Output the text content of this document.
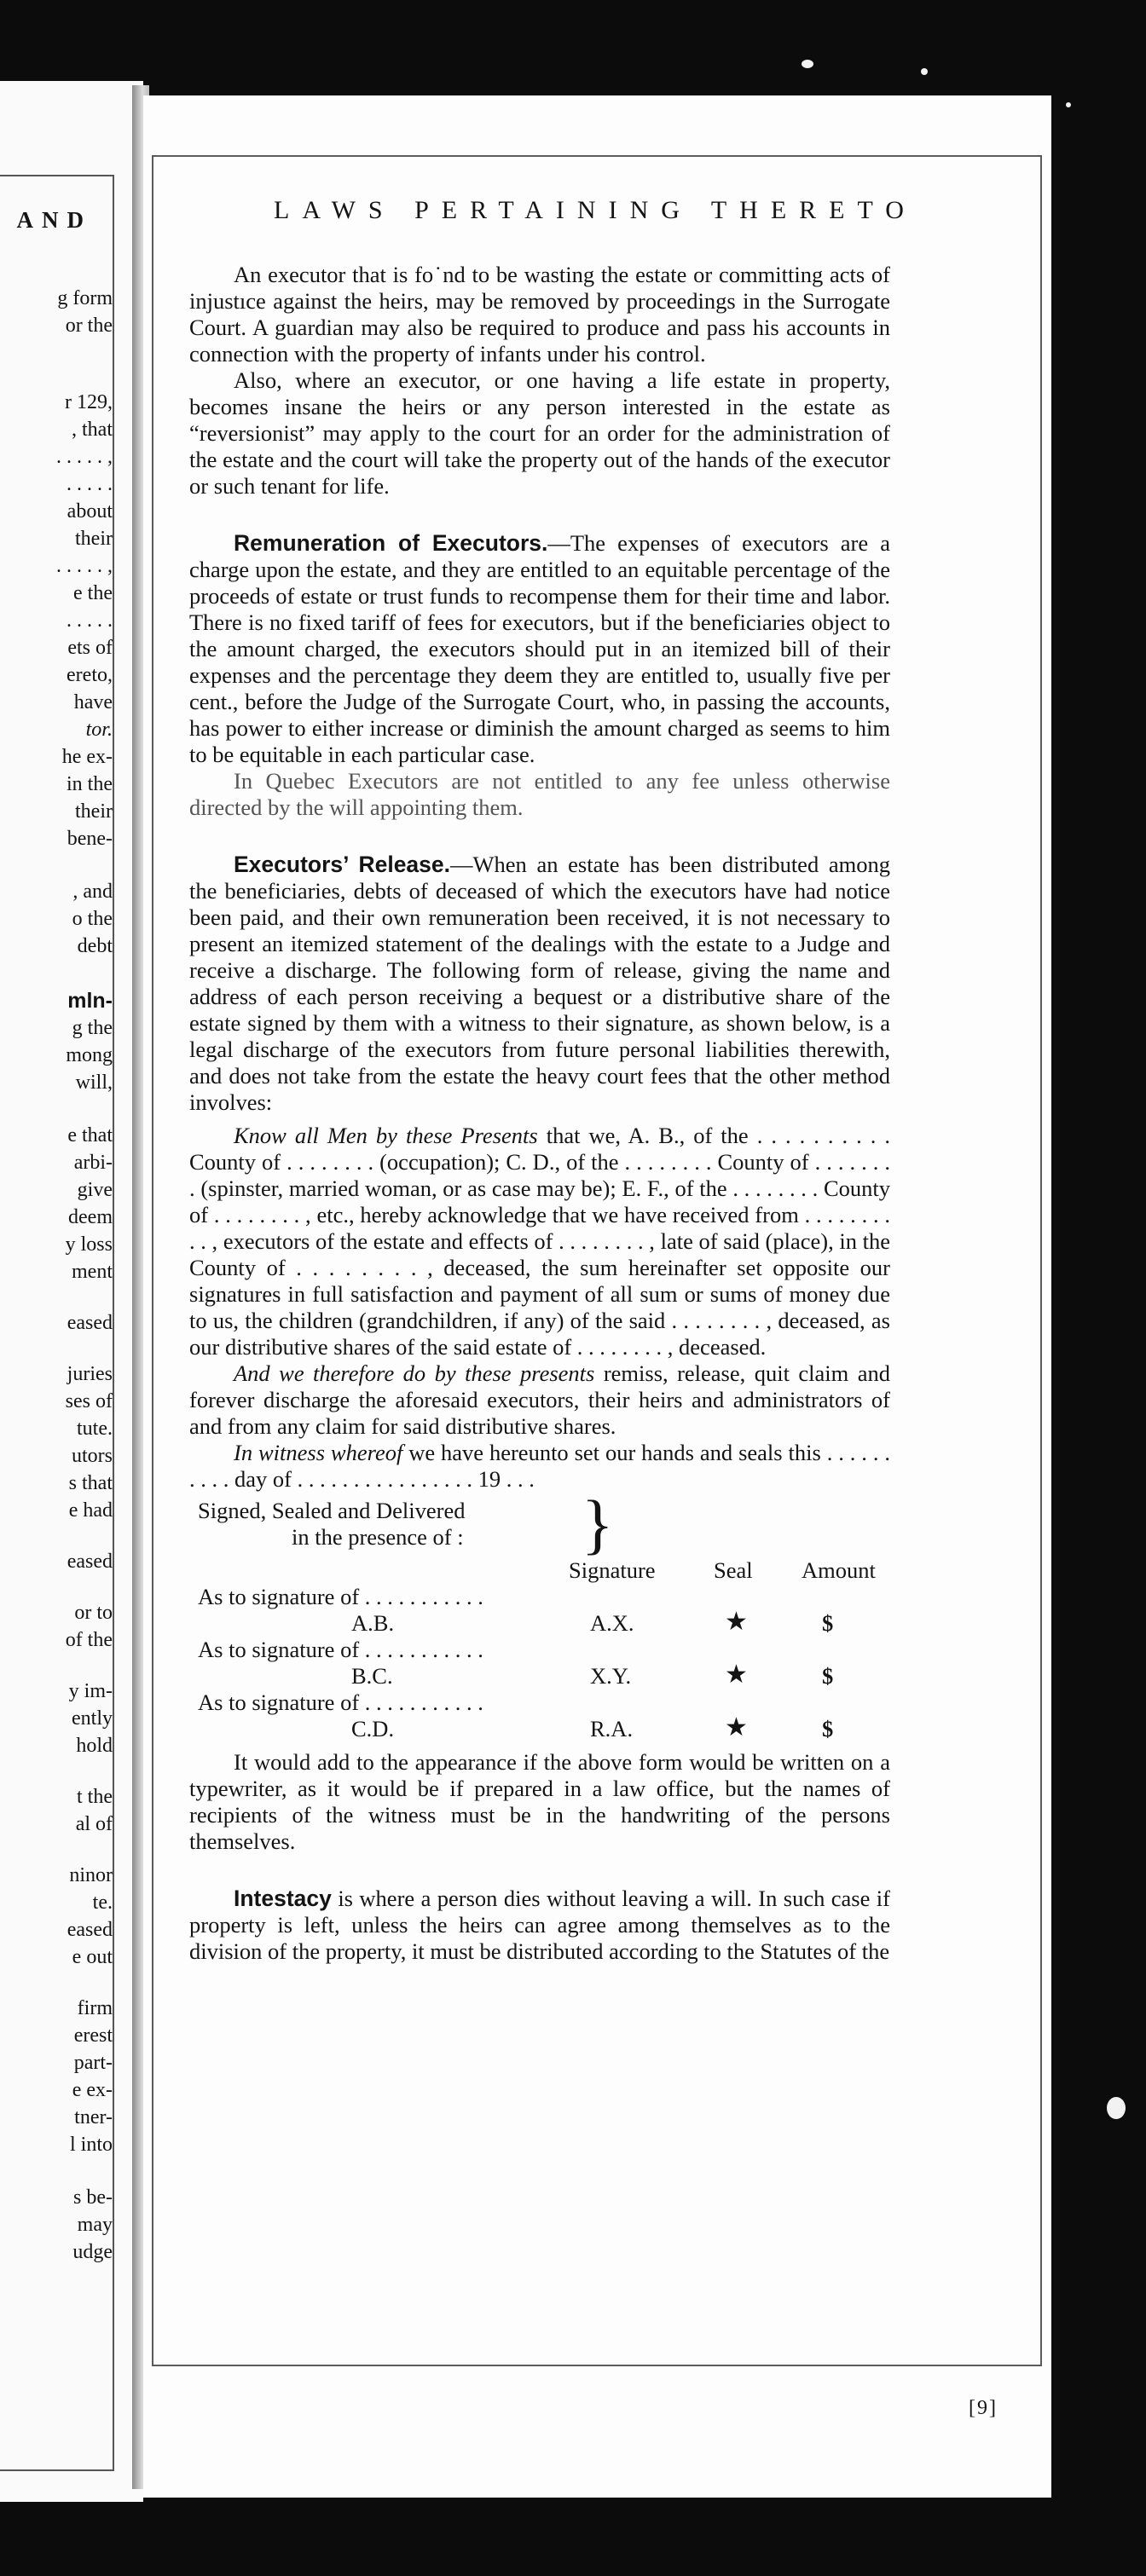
AND
g form
or the
r 129,
, that
. . . . . ,
. . . . .
about
their
. . . . . ,
e the
. . . . .
ets of
ereto,
have
tor.
he ex-
in the
their
bene-
, and
o the
debt
mln-
g the
mong
will,
e that
arbi-
give
deem
y loss
ment
eased
juries
ses of
tute.
utors
s that
e had
eased
or to
of the
y im-
ently
hold
t the
al of
ninor
te.
eased
e out
firm
erest
part-
e ex-
tner-
l into
s be-
may
udge
LAWS PERTAINING THERETO

An executor that is fo˙nd to be wasting the estate or committing acts of injustıce against the heirs, may be removed by proceedings in the Surrogate Court. A guardian may also be required to produce and pass his accounts in connection with the property of infants under his control.

Also, where an executor, or one having a life estate in property, becomes insane the heirs or any person interested in the estate as “reversionist” may apply to the court for an order for the administration of the estate and the court will take the property out of the hands of the executor or such tenant for life.

Remuneration of Executors.—The expenses of executors are a charge upon the estate, and they are entitled to an equitable percentage of the proceeds of estate or trust funds to recompense them for their time and labor. There is no fixed tariff of fees for executors, but if the beneficiaries object to the amount charged, the executors should put in an itemized bill of their expenses and the percentage they deem they are entitled to, usually five per cent., before the Judge of the Surrogate Court, who, in passing the accounts, has power to either increase or diminish the amount charged as seems to him to be equitable in each particular case.

In Quebec Executors are not entitled to any fee unless otherwise directed by the will appointing them.

Executors’ Release.—When an estate has been distributed among the beneficiaries, debts of deceased of which the executors have had notice been paid, and their own remuneration been received, it is not necessary to present an itemized statement of the dealings with the estate to a Judge and receive a discharge. The following form of release, giving the name and address of each person receiving a bequest or a distributive share of the estate signed by them with a witness to their signature, as shown below, is a legal discharge of the executors from future personal liabilities therewith, and does not take from the estate the heavy court fees that the other method involves:

Know all Men by these Presents that we, A. B., of the . . . . . . . . . . County of . . . . . . . . (occupation); C. D., of the . . . . . . . . County of . . . . . . . . (spinster, married woman, or as case may be); E. F., of the . . . . . . . . County of . . . . . . . . , etc., hereby acknowledge that we have received from . . . . . . . . . . , executors of the estate and effects of . . . . . . . . , late of said (place), in the County of . . . . . . . . , deceased, the sum hereinafter set opposite our signatures in full satisfaction and payment of all sum or sums of money due to us, the children (grandchildren, if any) of the said . . . . . . . . , deceased, as our distributive shares of the said estate of . . . . . . . . , deceased.

And we therefore do by these presents remiss, release, quit claim and forever discharge the aforesaid executors, their heirs and administrators of and from any claim for said distributive shares.

In witness whereof we have hereunto set our hands and seals this . . . . . . . . . . day of . . . . . . . . . . . . . . . . 19 . . .

Signed, Sealed and Delivered }
in the presence of :
Signature	Seal Amount
As to signature of . . . . . . . . . . .
A.B.	A.X.	★	$
As to signature of . . . . . . . . . . .
B.C.	X.Y.	★	$
As to signature of . . . . . . . . . . .
C.D.	R.A.	★	$

It would add to the appearance if the above form would be written on a typewriter, as it would be if prepared in a law office, but the names of recipients of the witness must be in the handwriting of the persons themselves.

Intestacy is where a person dies without leaving a will. In such case if property is left, unless the heirs can agree among themselves as to the division of the property, it must be distributed according to the Statutes of the

[9]
